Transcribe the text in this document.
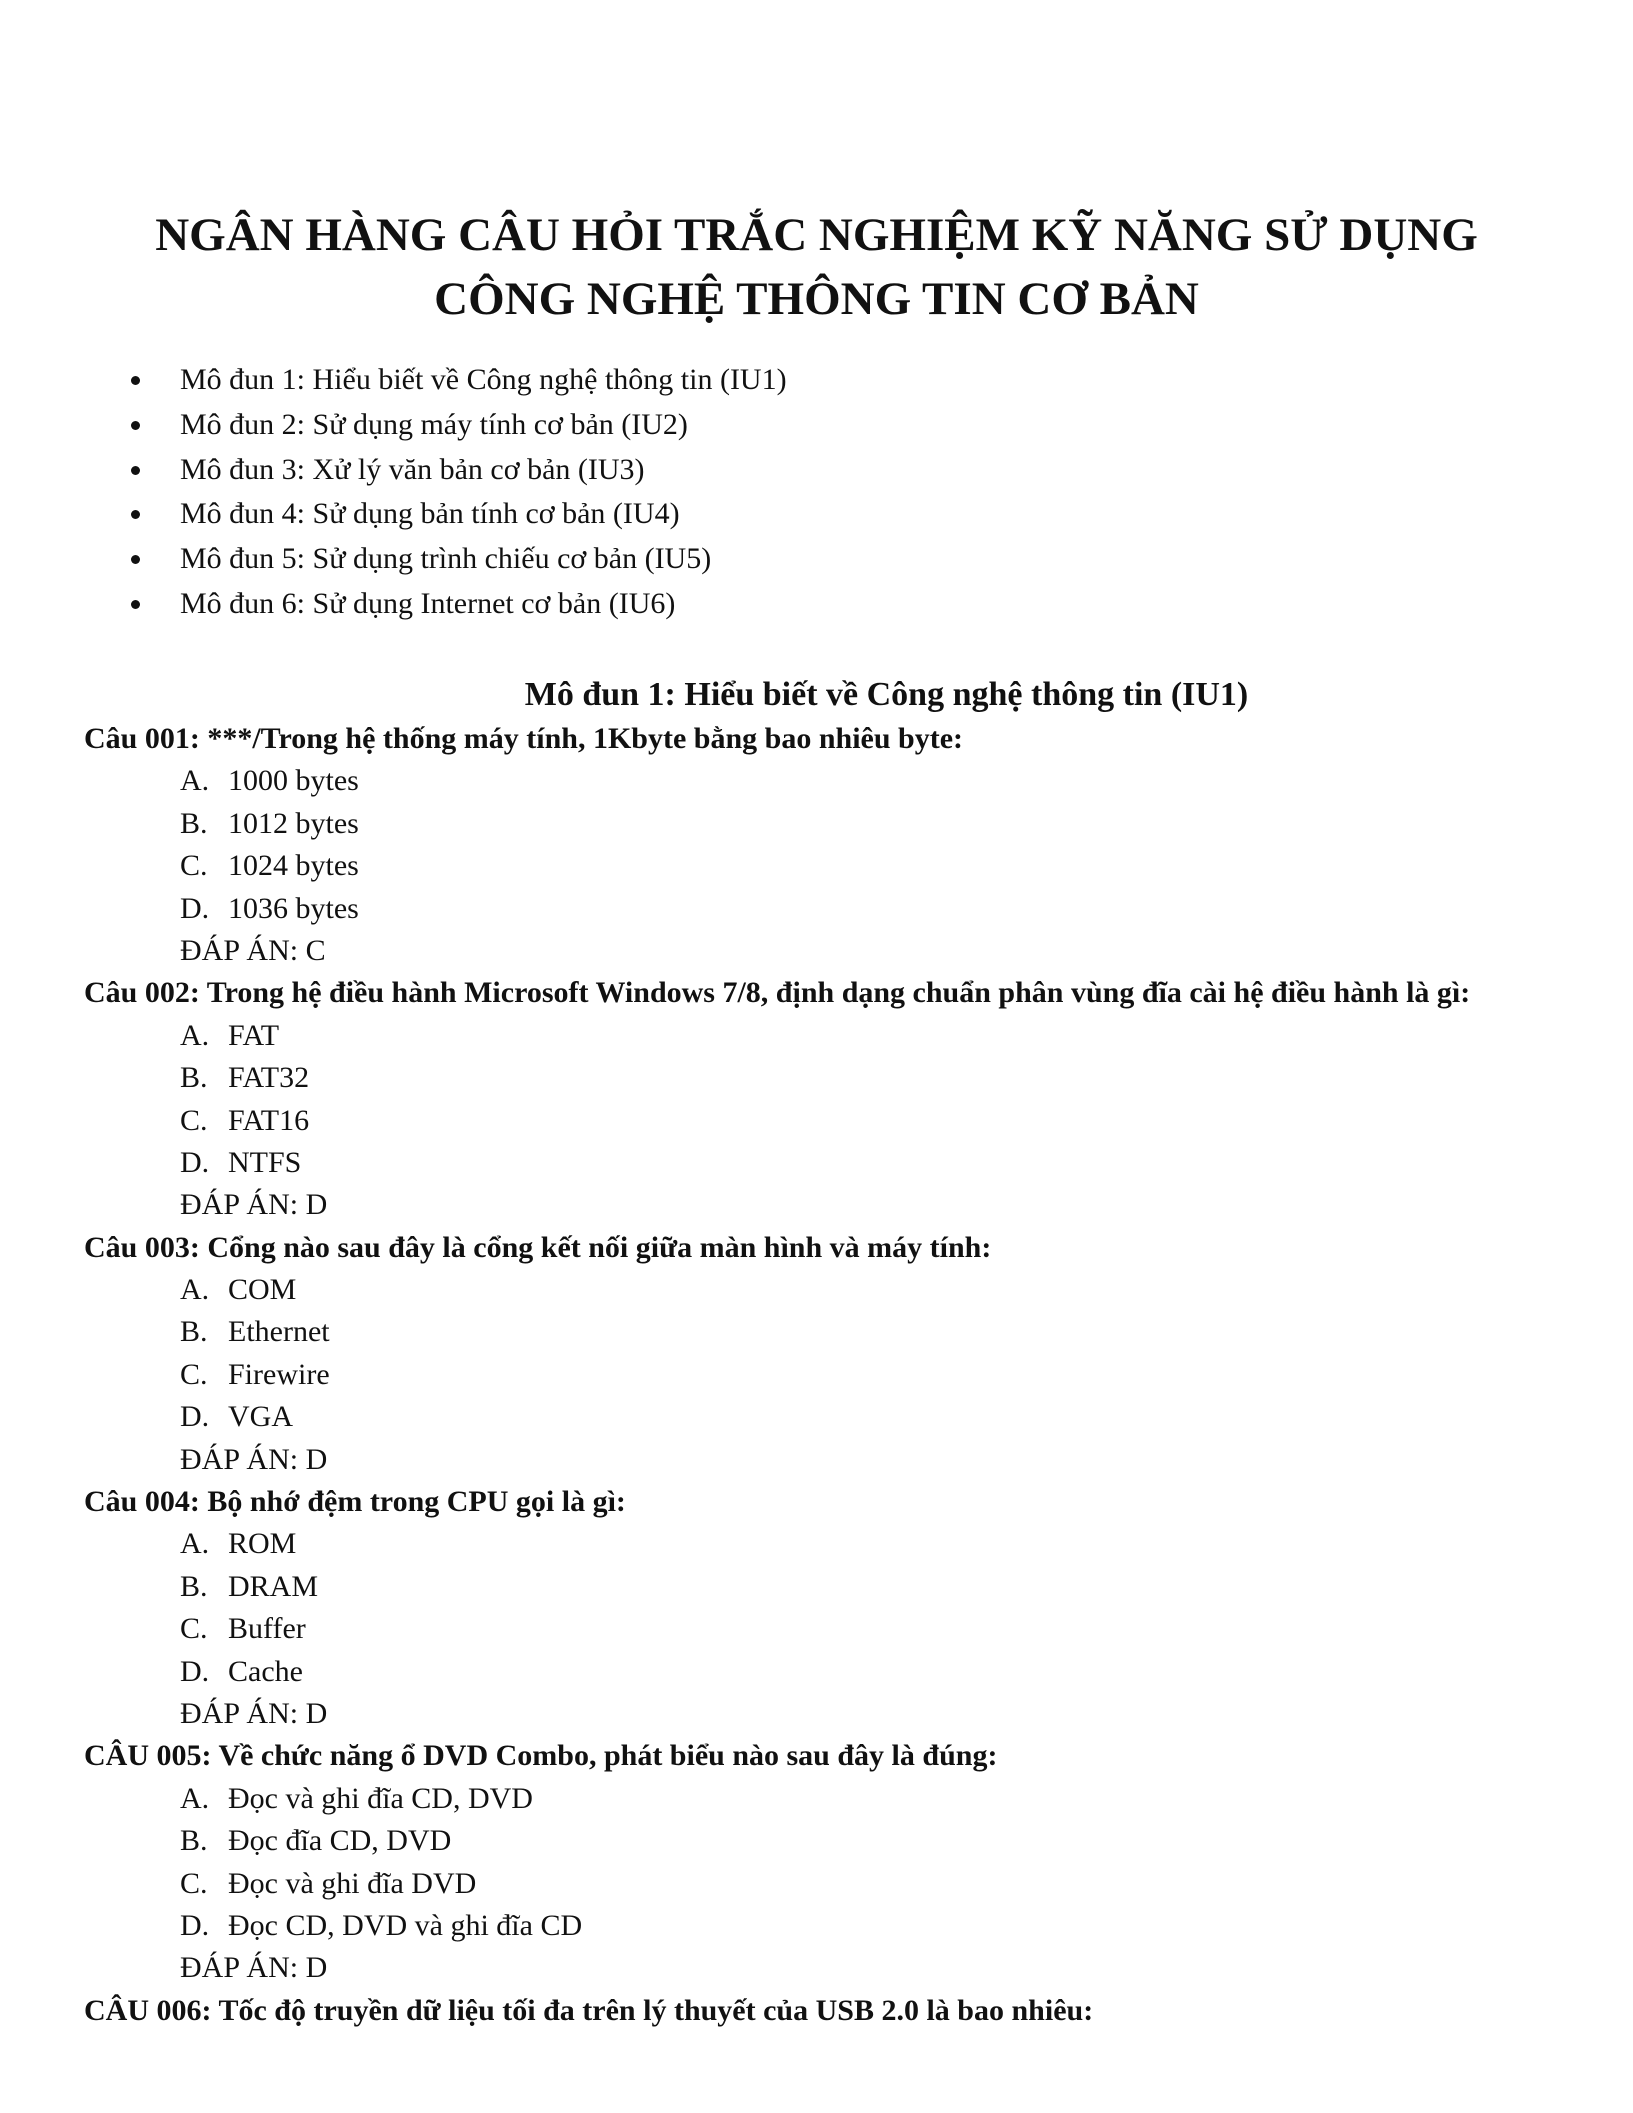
NGÂN HÀNG CÂU HỎI TRẮC NGHIỆM KỸ NĂNG SỬ DỤNG
CÔNG NGHỆ THÔNG TIN CƠ BẢN
Mô đun 1: Hiểu biết về Công nghệ thông tin (IU1)
Mô đun 2: Sử dụng máy tính cơ bản (IU2)
Mô đun 3: Xử lý văn bản cơ bản (IU3)
Mô đun 4: Sử dụng bản tính cơ bản (IU4)
Mô đun 5: Sử dụng trình chiếu cơ bản (IU5)
Mô đun 6: Sử dụng Internet cơ bản (IU6)
Mô đun 1: Hiểu biết về Công nghệ thông tin (IU1)
Câu 001: ***/Trong hệ thống máy tính, 1Kbyte bằng bao nhiêu byte:
A. 1000 bytes
B. 1012 bytes
C. 1024 bytes
D. 1036 bytes
ĐÁP ÁN: C
Câu 002: Trong hệ điều hành Microsoft Windows 7/8, định dạng chuẩn phân vùng đĩa cài hệ điều hành là gì:
A. FAT
B. FAT32
C. FAT16
D. NTFS
ĐÁP ÁN: D
Câu 003: Cổng nào sau đây là cổng kết nối giữa màn hình và máy tính:
A. COM
B. Ethernet
C. Firewire
D. VGA
ĐÁP ÁN: D
Câu 004: Bộ nhớ đệm trong CPU gọi là gì:
A. ROM
B. DRAM
C. Buffer
D. Cache
ĐÁP ÁN: D
CÂU 005: Về chức năng ổ DVD Combo, phát biểu nào sau đây là đúng:
A. Đọc và ghi đĩa CD, DVD
B. Đọc đĩa CD, DVD
C. Đọc và ghi đĩa DVD
D. Đọc CD, DVD và ghi đĩa CD
ĐÁP ÁN: D
CÂU 006: Tốc độ truyền dữ liệu tối đa trên lý thuyết của USB 2.0 là bao nhiêu:
